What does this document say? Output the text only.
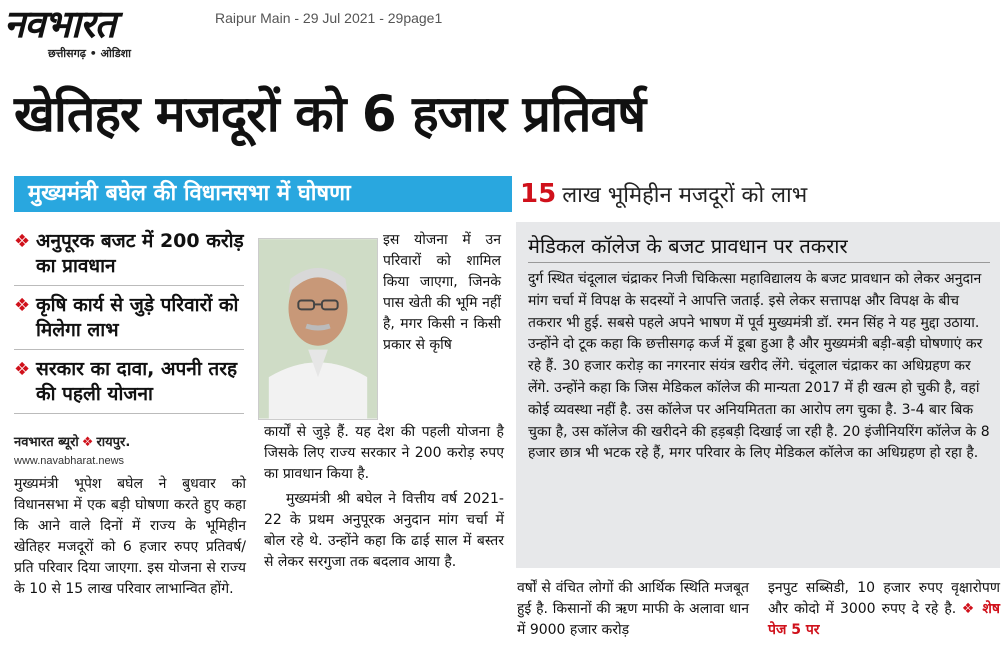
नवभारत
छत्तीसगढ़ • ओडिशा
Raipur Main - 29 Jul 2021 - 29page1
खेतिहर मजदूरों को 6 हजार प्रतिवर्ष
मुख्यमंत्री बघेल की विधानसभा में घोषणा	15 लाख भूमिहीन मजदूरों को लाभ
❖ अनुपूरक बजट में 200 करोड़ का प्रावधान
❖ कृषि कार्य से जुड़े परिवारों को मिलेगा लाभ
❖ सरकार का दावा, अपनी तरह की पहली योजना
नवभारत ब्यूरो ❖ रायपुर.
www.navabharat.news
मुख्यमंत्री भूपेश बघेल ने बुधवार को विधानसभा में एक बड़ी घोषणा करते हुए कहा कि आने वाले दिनों में राज्य के भूमिहीन खेतिहर मजदूरों को 6 हजार रुपए प्रतिवर्ष/प्रति परिवार दिया जाएगा. इस योजना से राज्य के 10 से 15 लाख परिवार लाभान्वित होंगे.
इस योजना में उन परिवारों को शामिल किया जाएगा, जिनके पास खेती की भूमि नहीं है, मगर किसी न किसी प्रकार से कृषि

कार्यों से जुड़े हैं. यह देश की पहली योजना है जिसके लिए राज्य सरकार ने 200 करोड़ रुपए का प्रावधान किया है.

मुख्यमंत्री श्री बघेल ने वित्तीय वर्ष 2021-22 के प्रथम अनुपूरक अनुदान मांग चर्चा में बोल रहे थे. उन्होंने कहा कि ढाई साल में बस्तर से लेकर सरगुजा तक बदलाव आया है.

मेडिकल कॉलेज के बजट प्रावधान पर तकरार
दुर्ग स्थित चंदूलाल चंद्राकर निजी चिकित्सा महाविद्यालय के बजट प्रावधान को लेकर अनुदान मांग चर्चा में विपक्ष के सदस्यों ने आपत्ति जताई. इसे लेकर सत्तापक्ष और विपक्ष के बीच तकरार भी हुई. सबसे पहले अपने भाषण में पूर्व मुख्यमंत्री डॉ. रमन सिंह ने यह मुद्दा उठाया. उन्होंने दो टूक कहा कि छत्तीसगढ़ कर्ज में डूबा हुआ है और मुख्यमंत्री बड़ी-बड़ी घोषणाएं कर रहे हैं. 30 हजार करोड़ का नगरनार संयंत्र खरीद लेंगे. चंदूलाल चंद्राकर का अधिग्रहण कर लेंगे. उन्होंने कहा कि जिस मेडिकल कॉलेज की मान्यता 2017 में ही खत्म हो चुकी है, वहां कोई व्यवस्था नहीं है. उस कॉलेज पर अनियमितता का आरोप लग चुका है. 3-4 बार बिक चुका है, उस कॉलेज की खरीदने की हड़बड़ी दिखाई जा रही है. 20 इंजीनियरिंग कॉलेज के 8 हजार छात्र भी भटक रहे हैं, मगर परिवार के लिए मेडिकल कॉलेज का अधिग्रहण हो रहा है.
वर्षों से वंचित लोगों की आर्थिक स्थिति मजबूत हुई है. किसानों की ऋण माफी के अलावा धान में 9000 हजार करोड़
इनपुट सब्सिडी, 10 हजार रुपए वृक्षारोपण और कोदो में 3000 रुपए दे रहे है. ❖ शेष पेज 5 पर
